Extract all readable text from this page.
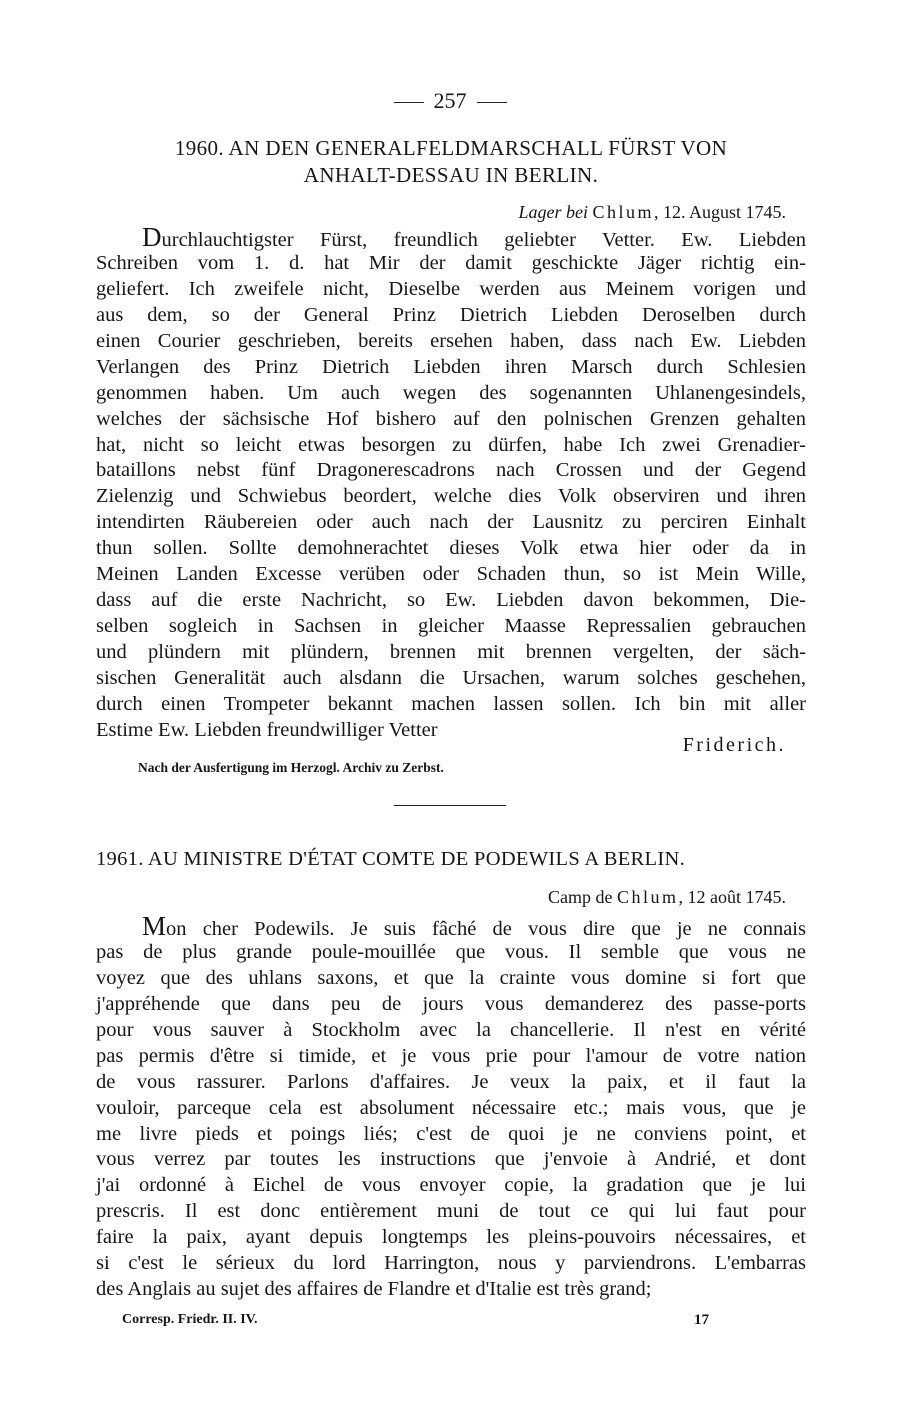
257
1960. AN DEN GENERALFELDMARSCHALL FÜRST VON
ANHALT-DESSAU IN BERLIN.
Lager bei Chlum, 12. August 1745.
Durchlauchtigster Fürst, freundlich geliebter Vetter. Ew. Liebden
Schreiben vom 1. d. hat Mir der damit geschickte Jäger richtig ein-
geliefert. Ich zweifele nicht, Dieselbe werden aus Meinem vorigen und
aus dem, so der General Prinz Dietrich Liebden Deroselben durch
einen Courier geschrieben, bereits ersehen haben, dass nach Ew. Liebden
Verlangen des Prinz Dietrich Liebden ihren Marsch durch Schlesien
genommen haben. Um auch wegen des sogenannten Uhlanengesindels,
welches der sächsische Hof bishero auf den polnischen Grenzen gehalten
hat, nicht so leicht etwas besorgen zu dürfen, habe Ich zwei Grenadier-
bataillons nebst fünf Dragonerescadrons nach Crossen und der Gegend
Zielenzig und Schwiebus beordert, welche dies Volk observiren und ihren
intendirten Räubereien oder auch nach der Lausnitz zu perciren Einhalt
thun sollen. Sollte demohnerachtet dieses Volk etwa hier oder da in
Meinen Landen Excesse verüben oder Schaden thun, so ist Mein Wille,
dass auf die erste Nachricht, so Ew. Liebden davon bekommen, Die-
selben sogleich in Sachsen in gleicher Maasse Repressalien gebrauchen
und plündern mit plündern, brennen mit brennen vergelten, der säch-
sischen Generalität auch alsdann die Ursachen, warum solches geschehen,
durch einen Trompeter bekannt machen lassen sollen. Ich bin mit aller
Estime Ew. Liebden freundwilliger Vetter
Friderich.
Nach der Ausfertigung im Herzogl. Archiv zu Zerbst.
1961. AU MINISTRE D'ÉTAT COMTE DE PODEWILS A BERLIN.
Camp de Chlum, 12 août 1745.
Mon cher Podewils. Je suis fâché de vous dire que je ne connais
pas de plus grande poule-mouillée que vous. Il semble que vous ne
voyez que des uhlans saxons, et que la crainte vous domine si fort que
j'appréhende que dans peu de jours vous demanderez des passe-ports
pour vous sauver à Stockholm avec la chancellerie. Il n'est en vérité
pas permis d'être si timide, et je vous prie pour l'amour de votre nation
de vous rassurer. Parlons d'affaires. Je veux la paix, et il faut la
vouloir, parceque cela est absolument nécessaire etc.; mais vous, que je
me livre pieds et poings liés; c'est de quoi je ne conviens point, et
vous verrez par toutes les instructions que j'envoie à Andrié, et dont
j'ai ordonné à Eichel de vous envoyer copie, la gradation que je lui
prescris. Il est donc entièrement muni de tout ce qui lui faut pour
faire la paix, ayant depuis longtemps les pleins-pouvoirs nécessaires, et
si c'est le sérieux du lord Harrington, nous y parviendrons. L'embarras
des Anglais au sujet des affaires de Flandre et d'Italie est très grand;
Corresp. Friedr. II. IV.	17
